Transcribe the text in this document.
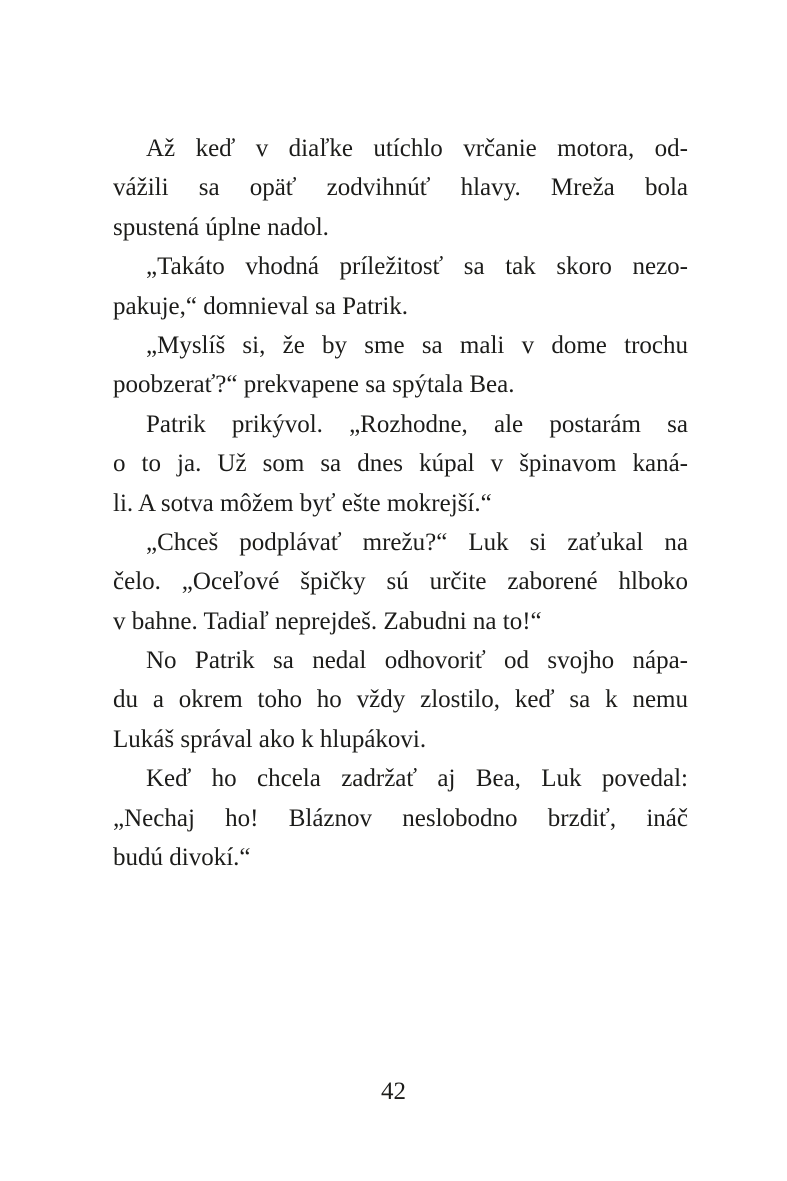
Až keď v diaľke utíchlo vrčanie motora, od-
vážili sa opäť zodvihnúť hlavy. Mreža bola
spustená úplne nadol.
„Takáto vhodná príležitosť sa tak skoro nezo-
pakuje,“ domnieval sa Patrik.
„Myslíš si, že by sme sa mali v dome trochu
poobzerať?“ prekvapene sa spýtala Bea.
Patrik prikývol. „Rozhodne, ale postarám sa
o to ja. Už som sa dnes kúpal v špinavom kaná-
li. A sotva môžem byť ešte mokrejší.“
„Chceš podplávať mrežu?“ Luk si zaťukal na
čelo. „Oceľové špičky sú určite zaborené hlboko
v bahne. Tadiaľ neprejdeš. Zabudni na to!“
No Patrik sa nedal odhovoriť od svojho nápa-
du a okrem toho ho vždy zlostilo, keď sa k nemu
Lukáš správal ako k hlupákovi.
Keď ho chcela zadržať aj Bea, Luk povedal:
„Nechaj ho! Bláznov neslobodno brzdiť, ináč
budú divokí.“
42
